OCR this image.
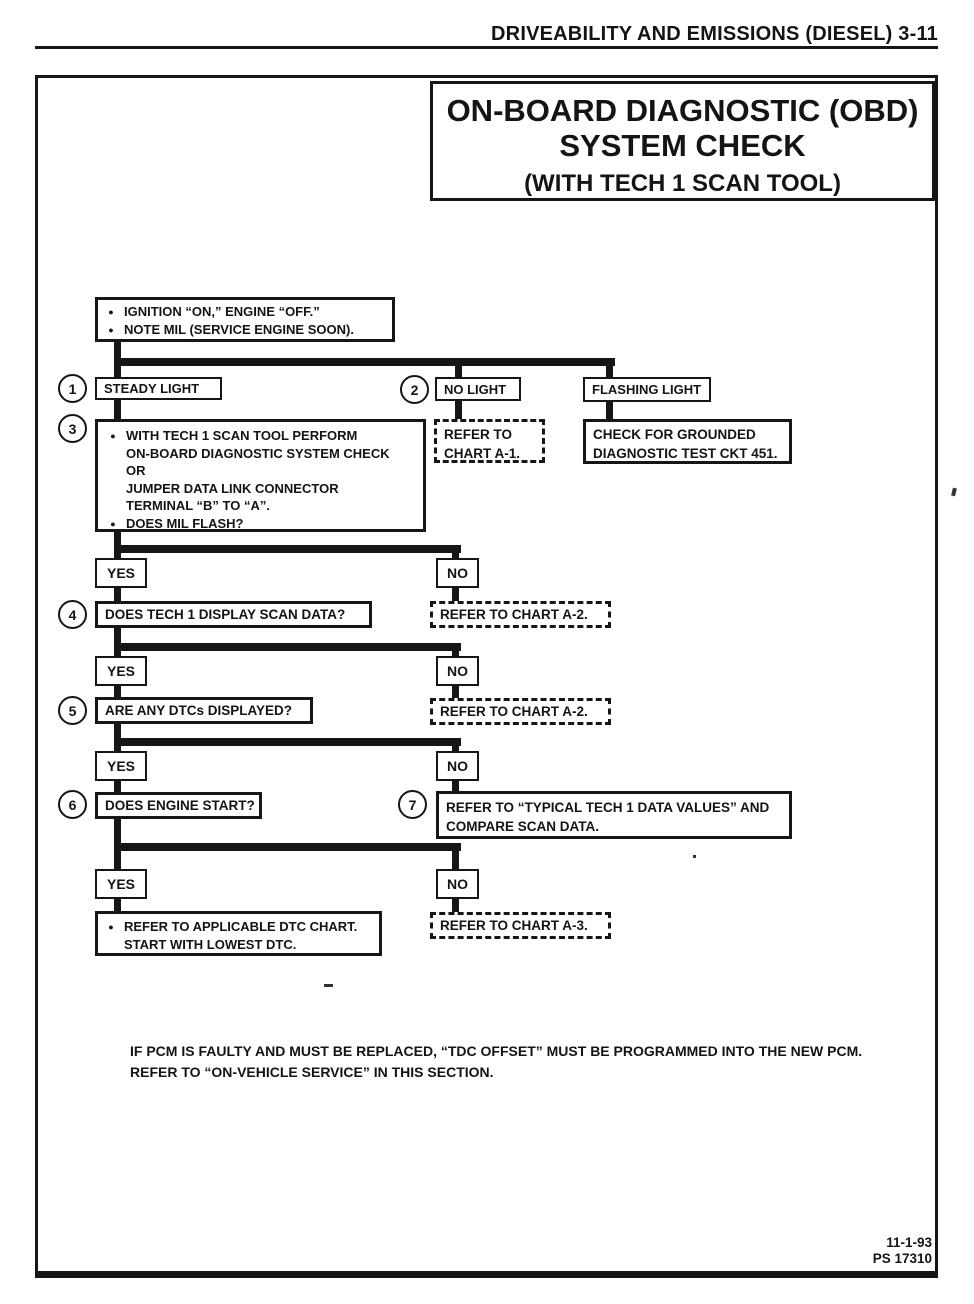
DRIVEABILITY AND EMISSIONS (DIESEL) 3-11
ON-BOARD DIAGNOSTIC (OBD)
SYSTEM CHECK
(WITH TECH 1 SCAN TOOL)
● IGNITION “ON,” ENGINE “OFF.”
● NOTE MIL (SERVICE ENGINE SOON).
1	STEADY LIGHT	2	NO LIGHT	FLASHING LIGHT
3	● WITH TECH 1 SCAN TOOL PERFORM
ON-BOARD DIAGNOSTIC SYSTEM CHECK
OR
JUMPER DATA LINK CONNECTOR
TERMINAL “B” TO “A”.
● DOES MIL FLASH?
REFER TO
CHART A-1.
CHECK FOR GROUNDED
DIAGNOSTIC TEST CKT 451.
YES	NO
4	DOES TECH 1 DISPLAY SCAN DATA?	REFER TO CHART A-2.
YES	NO
5	ARE ANY DTCs DISPLAYED?	REFER TO CHART A-2.
YES	NO
6	DOES ENGINE START?	7	REFER TO “TYPICAL TECH 1 DATA VALUES” AND
COMPARE SCAN DATA.
YES	NO
● REFER TO APPLICABLE DTC CHART.
START WITH LOWEST DTC.
REFER TO CHART A-3.
IF PCM IS FAULTY AND MUST BE REPLACED, “TDC OFFSET” MUST BE PROGRAMMED INTO THE NEW PCM.
REFER TO “ON-VEHICLE SERVICE” IN THIS SECTION.
11-1-93
PS 17310
